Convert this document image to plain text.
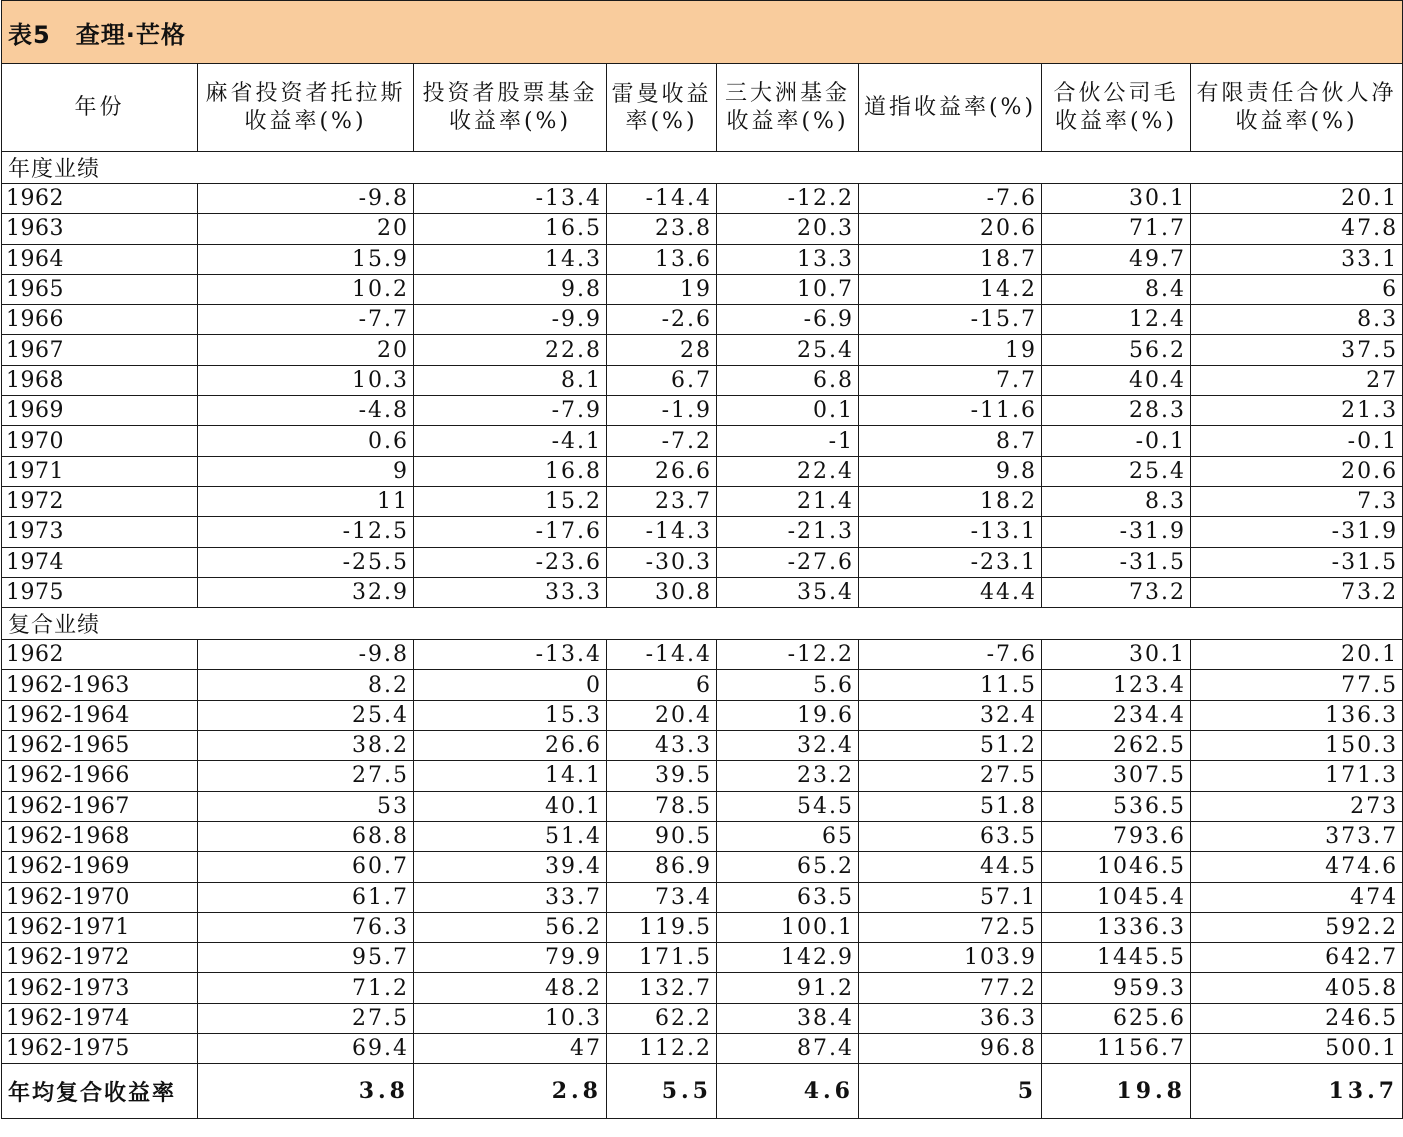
表5　查理·芒格							
年份	麻省投资者托拉斯收益率(%)	投资者股票基金收益率(%)	雷曼收益率(%)	三大洲基金收益率(%)	道指收益率(%)	合伙公司毛收益率(%)	有限责任合伙人净收益率(%)
年度业绩							
1962	-9.8	-13.4	-14.4	-12.2	-7.6	30.1	20.1
1963	20	16.5	23.8	20.3	20.6	71.7	47.8
1964	15.9	14.3	13.6	13.3	18.7	49.7	33.1
1965	10.2	9.8	19	10.7	14.2	8.4	6
1966	-7.7	-9.9	-2.6	-6.9	-15.7	12.4	8.3
1967	20	22.8	28	25.4	19	56.2	37.5
1968	10.3	8.1	6.7	6.8	7.7	40.4	27
1969	-4.8	-7.9	-1.9	0.1	-11.6	28.3	21.3
1970	0.6	-4.1	-7.2	-1	8.7	-0.1	-0.1
1971	9	16.8	26.6	22.4	9.8	25.4	20.6
1972	11	15.2	23.7	21.4	18.2	8.3	7.3
1973	-12.5	-17.6	-14.3	-21.3	-13.1	-31.9	-31.9
1974	-25.5	-23.6	-30.3	-27.6	-23.1	-31.5	-31.5
1975	32.9	33.3	30.8	35.4	44.4	73.2	73.2
复合业绩							
1962	-9.8	-13.4	-14.4	-12.2	-7.6	30.1	20.1
1962-1963	8.2	0	6	5.6	11.5	123.4	77.5
1962-1964	25.4	15.3	20.4	19.6	32.4	234.4	136.3
1962-1965	38.2	26.6	43.3	32.4	51.2	262.5	150.3
1962-1966	27.5	14.1	39.5	23.2	27.5	307.5	171.3
1962-1967	53	40.1	78.5	54.5	51.8	536.5	273
1962-1968	68.8	51.4	90.5	65	63.5	793.6	373.7
1962-1969	60.7	39.4	86.9	65.2	44.5	1046.5	474.6
1962-1970	61.7	33.7	73.4	63.5	57.1	1045.4	474
1962-1971	76.3	56.2	119.5	100.1	72.5	1336.3	592.2
1962-1972	95.7	79.9	171.5	142.9	103.9	1445.5	642.7
1962-1973	71.2	48.2	132.7	91.2	77.2	959.3	405.8
1962-1974	27.5	10.3	62.2	38.4	36.3	625.6	246.5
1962-1975	69.4	47	112.2	87.4	96.8	1156.7	500.1
年均复合收益率	3.8	2.8	5.5	4.6	5	19.8	13.7
